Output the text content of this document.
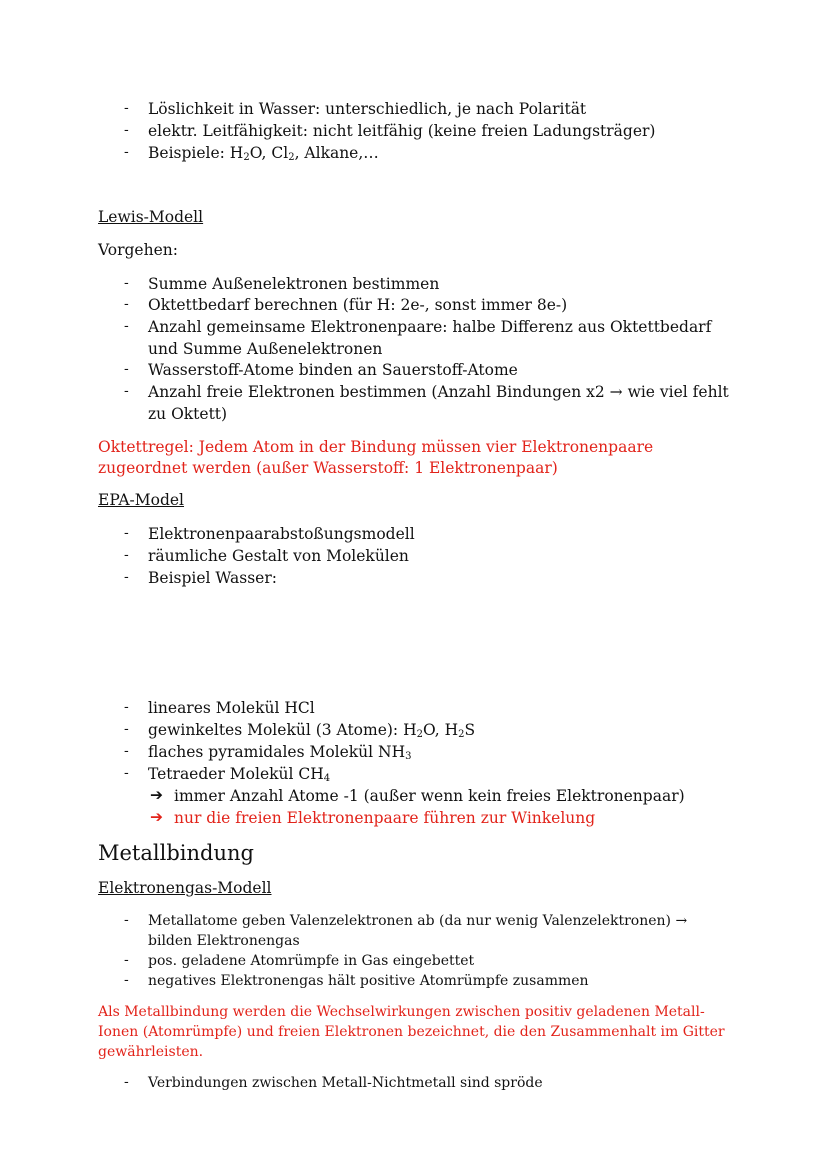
- Löslichkeit in Wasser: unterschiedlich, je nach Polarität
- elektr. Leitfähigkeit: nicht leitfähig (keine freien Ladungsträger)
- Beispiele: $H_2O$, $Cl_2$, Alkane,…
Lewis-Modell
Vorgehen:
- Summe Außenelektronen bestimmen
- Oktettbedarf berechnen (für H: 2e-, sonst immer 8e-)
- Anzahl gemeinsame Elektronenpaare: halbe Differenz aus Oktettbedarf
und Summe Außenelektronen
- Wasserstoff-Atome binden an Sauerstoff-Atome
- Anzahl freie Elektronen bestimmen (Anzahl Bindungen x2 → wie viel fehlt
zu Oktett)
Oktettregel: Jedem Atom in der Bindung müssen vier Elektronenpaare
zugeordnet werden (außer Wasserstoff: 1 Elektronenpaar)
EPA-Model
- Elektronenpaarabstoßungsmodell
- räumliche Gestalt von Molekülen
- Beispiel Wasser:
- lineares Molekül HCl
- gewinkeltes Molekül (3 Atome): $H_2O$, $H_2S$
- flaches pyramidales Molekül $NH_3$
- Tetraeder Molekül $CH_4$
➔ immer Anzahl Atome -1 (außer wenn kein freies Elektronenpaar)
➔ nur die freien Elektronenpaare führen zur Winkelung
Metallbindung
Elektronengas-Modell
- Metallatome geben Valenzelektronen ab (da nur wenig Valenzelektronen) →
bilden Elektronengas
- pos. geladene Atomrümpfe in Gas eingebettet
- negatives Elektronengas hält positive Atomrümpfe zusammen
Als Metallbindung werden die Wechselwirkungen zwischen positiv geladenen Metall-
Ionen (Atomrümpfe) und freien Elektronen bezeichnet, die den Zusammenhalt im Gitter
gewährleisten.
- Verbindungen zwischen Metall-Nichtmetall sind spröde
